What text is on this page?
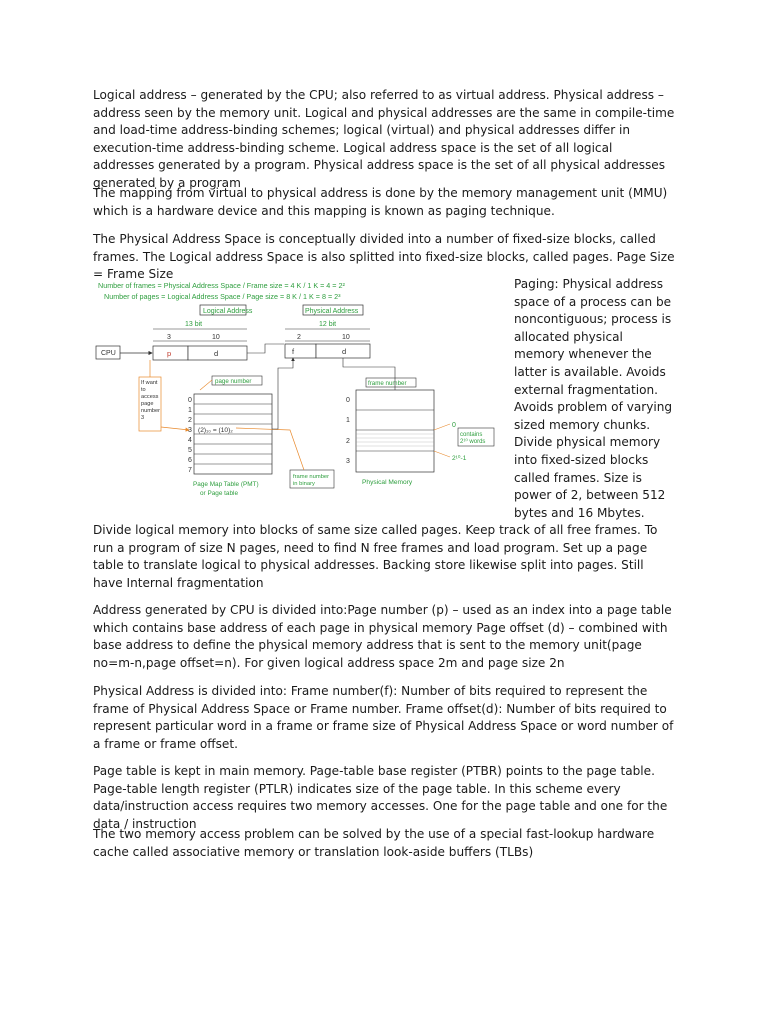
Logical address – generated by the CPU; also referred to as virtual address. Physical address – address seen by the memory unit. Logical and physical addresses are the same in compile-time and load-time address-binding schemes; logical (virtual) and physical addresses differ in execution-time address-binding scheme. Logical address space is the set of all logical addresses generated by a program. Physical address space is the set of all physical addresses generated by a program

The mapping from virtual to physical address is done by the memory management unit (MMU) which is a hardware device and this mapping is known as paging technique.

The Physical Address Space is conceptually divided into a number of fixed-size blocks, called frames. The Logical address Space is also splitted into fixed-size blocks, called pages. Page Size = Frame Size

Number of frames = Physical Address Space / Frame size = 4 K / 1 K = 4 = 2²
Number of pages = Logical Address Space / Page size = 8 K / 1 K = 8 = 2³
Logical Address
13 bit
3	10
p	d
CPU
Physical Address
12 bit
2	10
f	d
If want to access page number 3
page number
0
1
2
3
4
5
6
7
(2)₁₀ = (10)₂
Page Map Table (PMT)
or Page table
frame number
in binary
frame number
0
1
2
3
Physical Memory
0
contains
2¹⁰ words
2¹⁰-1

Paging: Physical address space of a process can be noncontiguous; process is allocated physical memory whenever the latter is available. Avoids external fragmentation. Avoids problem of varying sized memory chunks. Divide physical memory into fixed-sized blocks called frames. Size is power of 2, between 512 bytes and 16 Mbytes.

Divide logical memory into blocks of same size called pages. Keep track of all free frames. To run a program of size N pages, need to find N free frames and load program. Set up a page table to translate logical to physical addresses. Backing store likewise split into pages. Still have Internal fragmentation

Address generated by CPU is divided into:Page number (p) – used as an index into a page table which contains base address of each page in physical memory Page offset (d) – combined with base address to define the physical memory address that is sent to the memory unit(page no=m-n,page offset=n). For given logical address space 2m and page size 2n

Physical Address is divided into: Frame number(f): Number of bits required to represent the frame of Physical Address Space or Frame number. Frame offset(d): Number of bits required to represent particular word in a frame or frame size of Physical Address Space or word number of a frame or frame offset.

Page table is kept in main memory. Page-table base register (PTBR) points to the page table. Page-table length register (PTLR) indicates size of the page table. In this scheme every data/instruction access requires two memory accesses. One for the page table and one for the data / instruction

The two memory access problem can be solved by the use of a special fast-lookup hardware cache called associative memory or translation look-aside buffers (TLBs)
